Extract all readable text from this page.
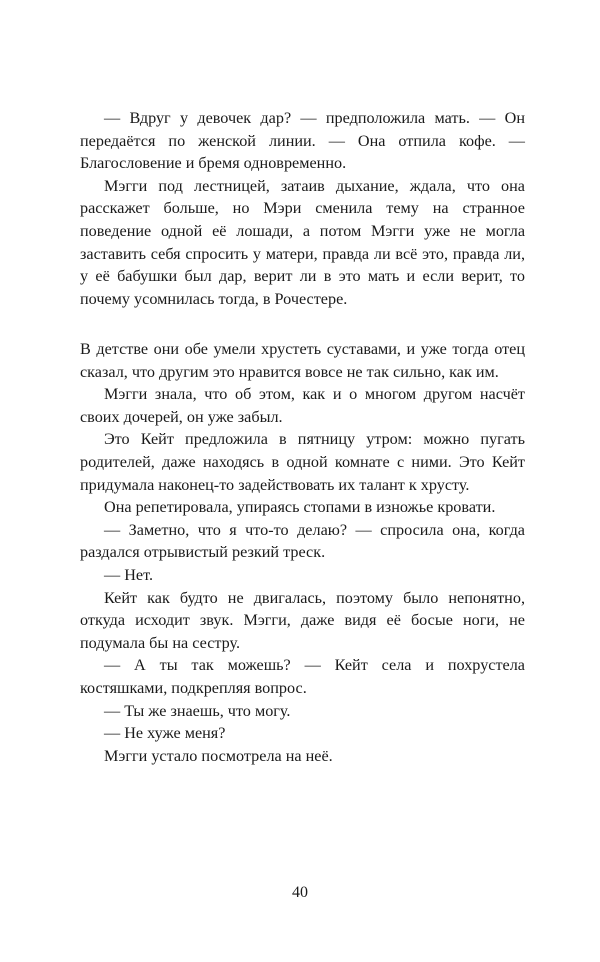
— Вдруг у девочек дар? — предположила мать. — Он передаётся по женской линии. — Она отпила кофе. — Благословение и бремя одновременно.

Мэгги под лестницей, затаив дыхание, ждала, что она расскажет больше, но Мэри сменила тему на странное поведение одной её лошади, а потом Мэгги уже не могла заставить себя спросить у матери, правда ли всё это, правда ли, у её бабушки был дар, верит ли в это мать и если верит, то почему усомнилась тогда, в Рочестере.

В детстве они обе умели хрустеть суставами, и уже тогда отец сказал, что другим это нравится вовсе не так сильно, как им.

Мэгги знала, что об этом, как и о многом другом насчёт своих дочерей, он уже забыл.

Это Кейт предложила в пятницу утром: можно пугать родителей, даже находясь в одной комнате с ними. Это Кейт придумала наконец-то задействовать их талант к хрусту.

Она репетировала, упираясь стопами в изножье кровати.

— Заметно, что я что-то делаю? — спросила она, когда раздался отрывистый резкий треск.

— Нет.

Кейт как будто не двигалась, поэтому было непонятно, откуда исходит звук. Мэгги, даже видя её босые ноги, не подумала бы на сестру.

— А ты так можешь? — Кейт села и похрустела костяшками, подкрепляя вопрос.

— Ты же знаешь, что могу.

— Не хуже меня?

Мэгги устало посмотрела на неё.

40
